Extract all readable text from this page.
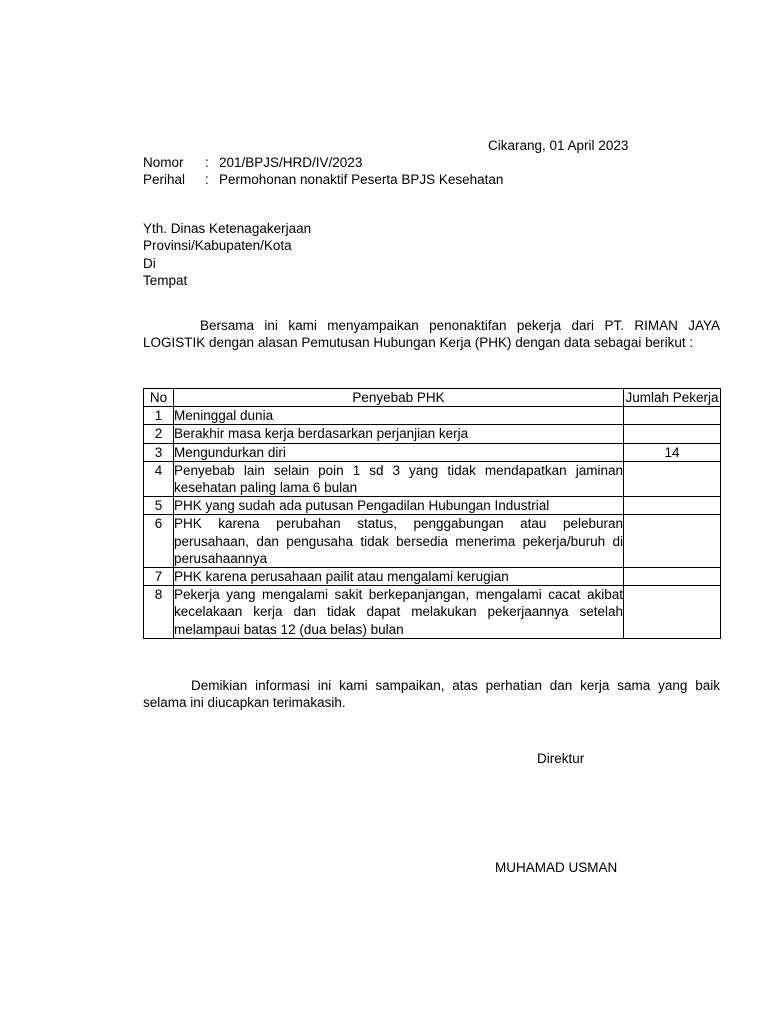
Cikarang, 01 April 2023
Nomor	: 201/BPJS/HRD/IV/2023
Perihal	: Permohonan nonaktif Peserta BPJS Kesehatan
Yth. Dinas Ketenagakerjaan
Provinsi/Kabupaten/Kota
Di
Tempat

Bersama ini kami menyampaikan penonaktifan pekerja dari PT. RIMAN JAYA LOGISTIK dengan alasan Pemutusan Hubungan Kerja (PHK) dengan data sebagai berikut :

No	Penyebab PHK	Jumlah Pekerja
1	Meninggal dunia	
2	Berakhir masa kerja berdasarkan perjanjian kerja	
3	Mengundurkan diri	14
4	Penyebab lain selain poin 1 sd 3 yang tidak mendapatkan jaminan kesehatan paling lama 6 bulan	
5	PHK yang sudah ada putusan Pengadilan Hubungan Industrial	
6	PHK karena perubahan status, penggabungan atau peleburan perusahaan, dan pengusaha tidak bersedia menerima pekerja/buruh di perusahaannya	
7	PHK karena perusahaan pailit atau mengalami kerugian	
8	Pekerja yang mengalami sakit berkepanjangan, mengalami cacat akibat kecelakaan kerja dan tidak dapat melakukan pekerjaannya setelah melampaui batas 12 (dua belas) bulan	

Demikian informasi ini kami sampaikan, atas perhatian dan kerja sama yang baik selama ini diucapkan terimakasih.

Direktur
MUHAMAD USMAN
